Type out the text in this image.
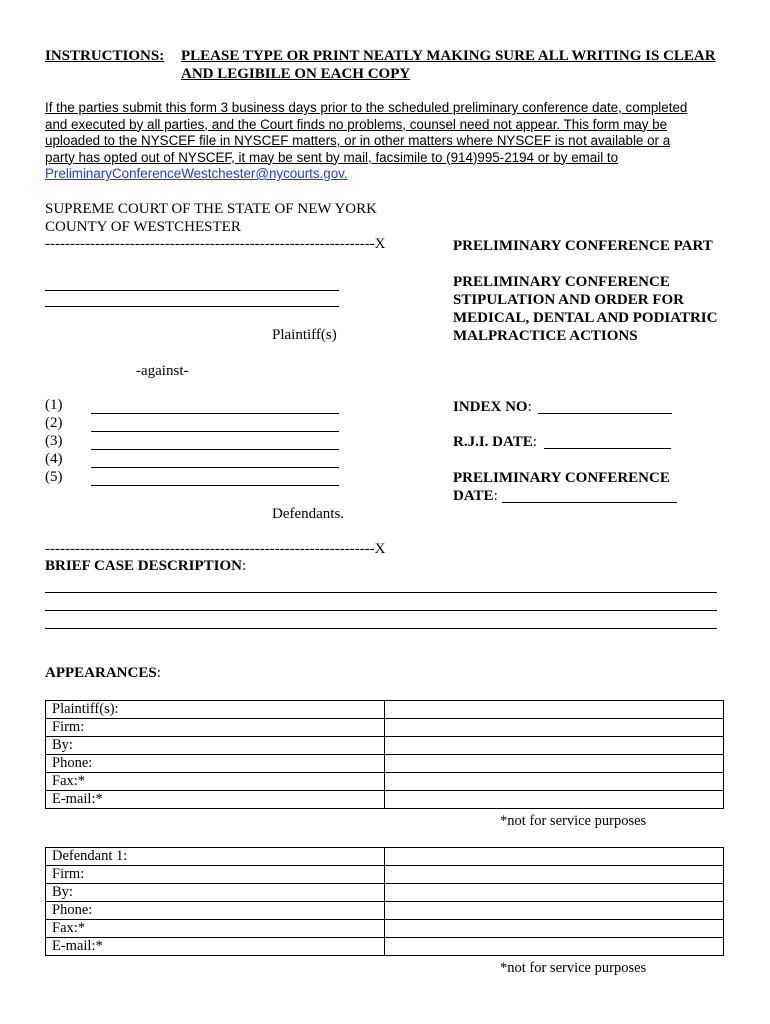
INSTRUCTIONS: PLEASE TYPE OR PRINT NEATLY MAKING SURE ALL WRITING IS CLEAR
AND LEGIBILE ON EACH COPY
If the parties submit this form 3 business days prior to the scheduled preliminary conference date, completed
and executed by all parties, and the Court finds no problems, counsel need not appear. This form may be
uploaded to the NYSCEF file in NYSCEF matters, or in other matters where NYSCEF is not available or a
party has opted out of NYSCEF, it may be sent by mail, facsimile to (914)995-2194 or by email to
PreliminaryConferenceWestchester@nycourts.gov.
SUPREME COURT OF THE STATE OF NEW YORK
COUNTY OF WESTCHESTER
------------------------------------------------------------------X
Plaintiff(s)
-against-
(1)
(2)
(3)
(4)
(5)
Defendants.
------------------------------------------------------------------X
PRELIMINARY CONFERENCE PART
PRELIMINARY CONFERENCE
STIPULATION AND ORDER FOR
MEDICAL, DENTAL AND PODIATRIC
MALPRACTICE ACTIONS
INDEX NO:
R.J.I. DATE:
PRELIMINARY CONFERENCE
DATE:
BRIEF CASE DESCRIPTION:
APPEARANCES:
Plaintiff(s):	
Firm:	
By:	
Phone:	
Fax:*	
E-mail:*	
*not for service purposes
Defendant 1:	
Firm:	
By:	
Phone:	
Fax:*	
E-mail:*	
*not for service purposes
